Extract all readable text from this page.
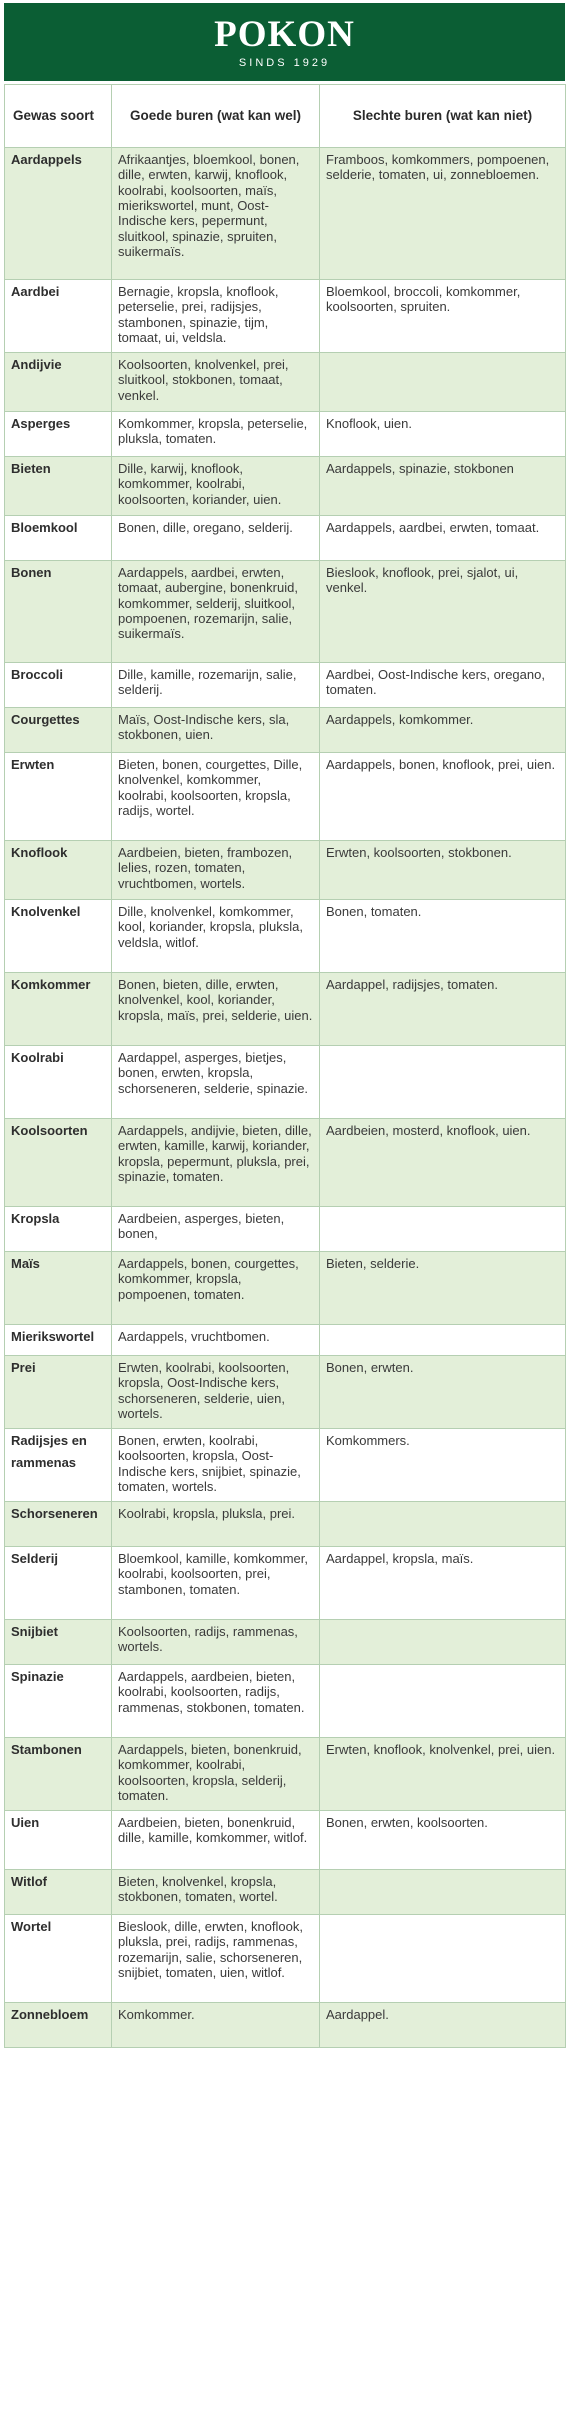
POKON
SINDS 1929
Gewas soort	Goede buren (wat kan wel)	Slechte buren (wat kan niet)
Aardappels	Afrikaantjes, bloemkool, bonen, dille, erwten, karwij, knoflook, koolrabi, koolsoorten, maïs, mierikswortel, munt, Oost-Indische kers, pepermunt, sluitkool, spinazie, spruiten, suikermaïs.	Framboos, komkommers, pompoenen, selderie, tomaten, ui, zonnebloemen.
Aardbei	Bernagie, kropsla, knoflook, peterselie, prei, radijsjes, stambonen, spinazie, tijm, tomaat, ui, veldsla.	Bloemkool, broccoli, komkommer, koolsoorten, spruiten.
Andijvie	Koolsoorten, knolvenkel, prei, sluitkool, stokbonen, tomaat, venkel.	
Asperges	Komkommer, kropsla, peterselie, pluksla, tomaten.	Knoflook, uien.
Bieten	Dille, karwij, knoflook, komkommer, koolrabi, koolsoorten, koriander, uien.	Aardappels, spinazie, stokbonen
Bloemkool	Bonen, dille, oregano, selderij.	Aardappels, aardbei, erwten, tomaat.
Bonen	Aardappels, aardbei, erwten, tomaat, aubergine, bonenkruid, komkommer, selderij, sluitkool, pompoenen, rozemarijn, salie, suikermaïs.	Bieslook, knoflook, prei, sjalot, ui, venkel.
Broccoli	Dille, kamille, rozemarijn, salie, selderij.	Aardbei, Oost-Indische kers, oregano, tomaten.
Courgettes	Maïs, Oost-Indische kers, sla, stokbonen, uien.	Aardappels, komkommer.
Erwten	Bieten, bonen, courgettes, Dille, knolvenkel, komkommer, koolrabi, koolsoorten, kropsla, radijs, wortel.	Aardappels, bonen, knoflook, prei, uien.
Knoflook	Aardbeien, bieten, frambozen, lelies, rozen, tomaten, vruchtbomen, wortels.	Erwten, koolsoorten, stokbonen.
Knolvenkel	Dille, knolvenkel, komkommer, kool, koriander, kropsla, pluksla, veldsla, witlof.	Bonen, tomaten.
Komkommer	Bonen, bieten, dille, erwten, knolvenkel, kool, koriander, kropsla, maïs, prei, selderie, uien.	Aardappel, radijsjes, tomaten.
Koolrabi	Aardappel, asperges, bietjes, bonen, erwten, kropsla, schorseneren, selderie, spinazie.	
Koolsoorten	Aardappels, andijvie, bieten, dille, erwten, kamille, karwij, koriander, kropsla, pepermunt, pluksla, prei, spinazie, tomaten.	Aardbeien, mosterd, knoflook, uien.
Kropsla	Aardbeien, asperges, bieten, bonen,	
Maïs	Aardappels, bonen, courgettes, komkommer, kropsla, pompoenen, tomaten.	Bieten, selderie.
Mierikswortel	Aardappels, vruchtbomen.	
Prei	Erwten, koolrabi, koolsoorten, kropsla, Oost-Indische kers, schorseneren, selderie, uien, wortels.	Bonen, erwten.
Radijsjes en rammenas	Bonen, erwten, koolrabi, koolsoorten, kropsla, Oost-Indische kers, snijbiet, spinazie, tomaten, wortels.	Komkommers.
Schorseneren	Koolrabi, kropsla, pluksla, prei.	
Selderij	Bloemkool, kamille, komkommer, koolrabi, koolsoorten, prei, stambonen, tomaten.	Aardappel, kropsla, maïs.
Snijbiet	Koolsoorten, radijs, rammenas, wortels.	
Spinazie	Aardappels, aardbeien, bieten, koolrabi, koolsoorten, radijs, rammenas, stokbonen, tomaten.	
Stambonen	Aardappels, bieten, bonenkruid, komkommer, koolrabi, koolsoorten, kropsla, selderij, tomaten.	Erwten, knoflook, knolvenkel, prei, uien.
Uien	Aardbeien, bieten, bonenkruid, dille, kamille, komkommer, witlof.	Bonen, erwten, koolsoorten.
Witlof	Bieten, knolvenkel, kropsla, stokbonen, tomaten, wortel.	
Wortel	Bieslook, dille, erwten, knoflook, pluksla, prei, radijs, rammenas, rozemarijn, salie, schorseneren, snijbiet, tomaten, uien, witlof.	
Zonnebloem	Komkommer.	Aardappel.
